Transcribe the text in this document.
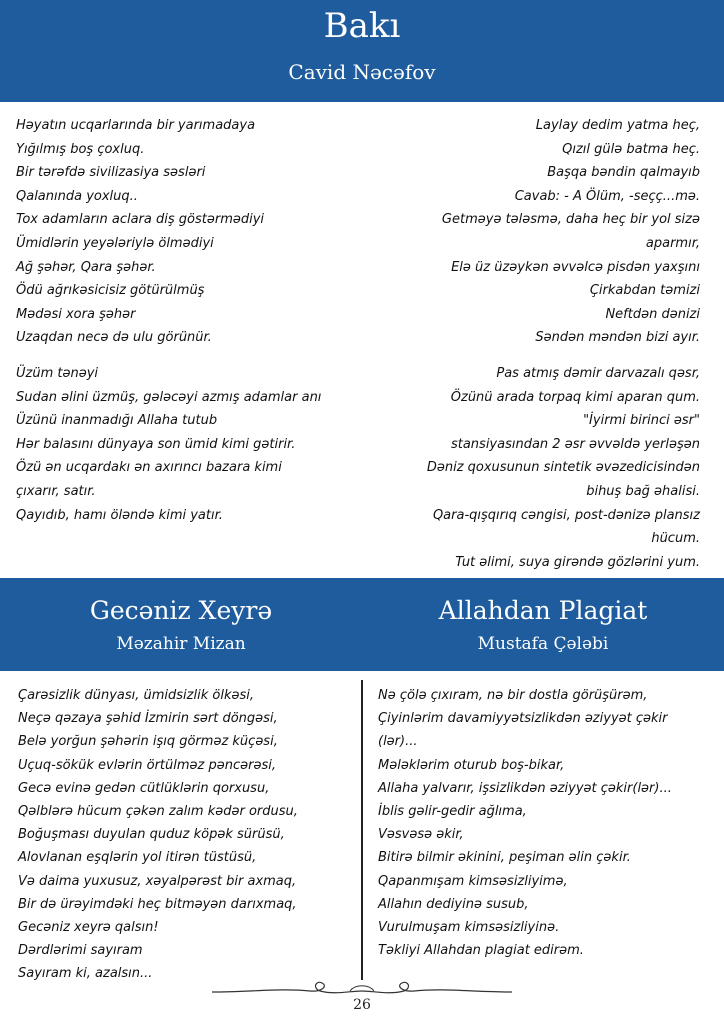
Bakı
Cavid Nəcəfov
Həyatın ucqarlarında bir yarımadaya
Yığılmış boş çoxluq.
Bir tərəfdə sivilizasiya səsləri
Qalanında yoxluq..
Tox adamların aclara diş göstərmədiyi
Ümidlərin yeyələriylə ölmədiyi
Ağ şəhər, Qara şəhər.
Ödü ağrıkəsicisiz götürülmüş
Mədəsi xora şəhər
Uzaqdan necə də ulu görünür.
Laylay dedim yatma heç,
Qızıl gülə batma heç.
Başqa bəndin qalmayıb
Cavab: - A Ölüm, -seçç...mə.
Getməyə tələsmə, daha heç bir yol sizə
aparmır,
Elə üz üzəykən əvvəlcə pisdən yaxşını
Çirkabdan təmizi
Neftdən dənizi
Səndən məndən bizi ayır.
Üzüm tənəyi
Sudan əlini üzmüş, gələcəyi azmış adamlar anı
Üzünü inanmadığı Allaha tutub
Hər balasını dünyaya son ümid kimi gətirir.
Özü ən ucqardakı ən axırıncı bazara kimi
çıxarır, satır.
Qayıdıb, hamı öləndə kimi yatır.
Pas atmış dəmir darvazalı qəsr,
Özünü arada torpaq kimi aparan qum.
"İyirmi birinci əsr"
stansiyasından 2 əsr əvvəldə yerləşən
Dəniz qoxusunun sintetik əvəzedicisindən
bihuş bağ əhalisi.
Qara-qışqırıq cəngisi, post-dənizə plansız
hücum.
Tut əlimi, suya girəndə gözlərini yum.
Gecəniz Xeyrə
Məzahir Mizan
Allahdan Plagiat
Mustafa Çələbi
Çarəsizlik dünyası, ümidsizlik ölkəsi,
Neçə qəzaya şəhid İzmirin sərt döngəsi,
Belə yorğun şəhərin işıq görməz küçəsi,
Uçuq-sökük evlərin örtülməz pəncərəsi,
Gecə evinə gedən cütlüklərin qorxusu,
Qəlblərə hücum çəkən zalım kədər ordusu,
Boğuşması duyulan quduz köpək sürüsü,
Alovlanan eşqlərin yol itirən tüstüsü,
Və daima yuxusuz, xəyalpərəst bir axmaq,
Bir də ürəyimdəki heç bitməyən darıxmaq,
Gecəniz xeyrə qalsın!
Dərdlərimi sayıram
Sayıram ki, azalsın...
Nə çölə çıxıram, nə bir dostla görüşürəm,
Çiyinlərim davamiyyətsizlikdən əziyyət çəkir
(lər)...
Mələklərim oturub boş-bikar,
Allaha yalvarır, işsizlikdən əziyyət çəkir(lər)...
İblis gəlir-gedir ağlıma,
Vəsvəsə əkir,
Bitirə bilmir əkinini, peşiman əlin çəkir.
Qapanmışam kimsəsizliyimə,
Allahın dediyinə susub,
Vurulmuşam kimsəsizliyinə.
Təkliyi Allahdan plagiat edirəm.
26
